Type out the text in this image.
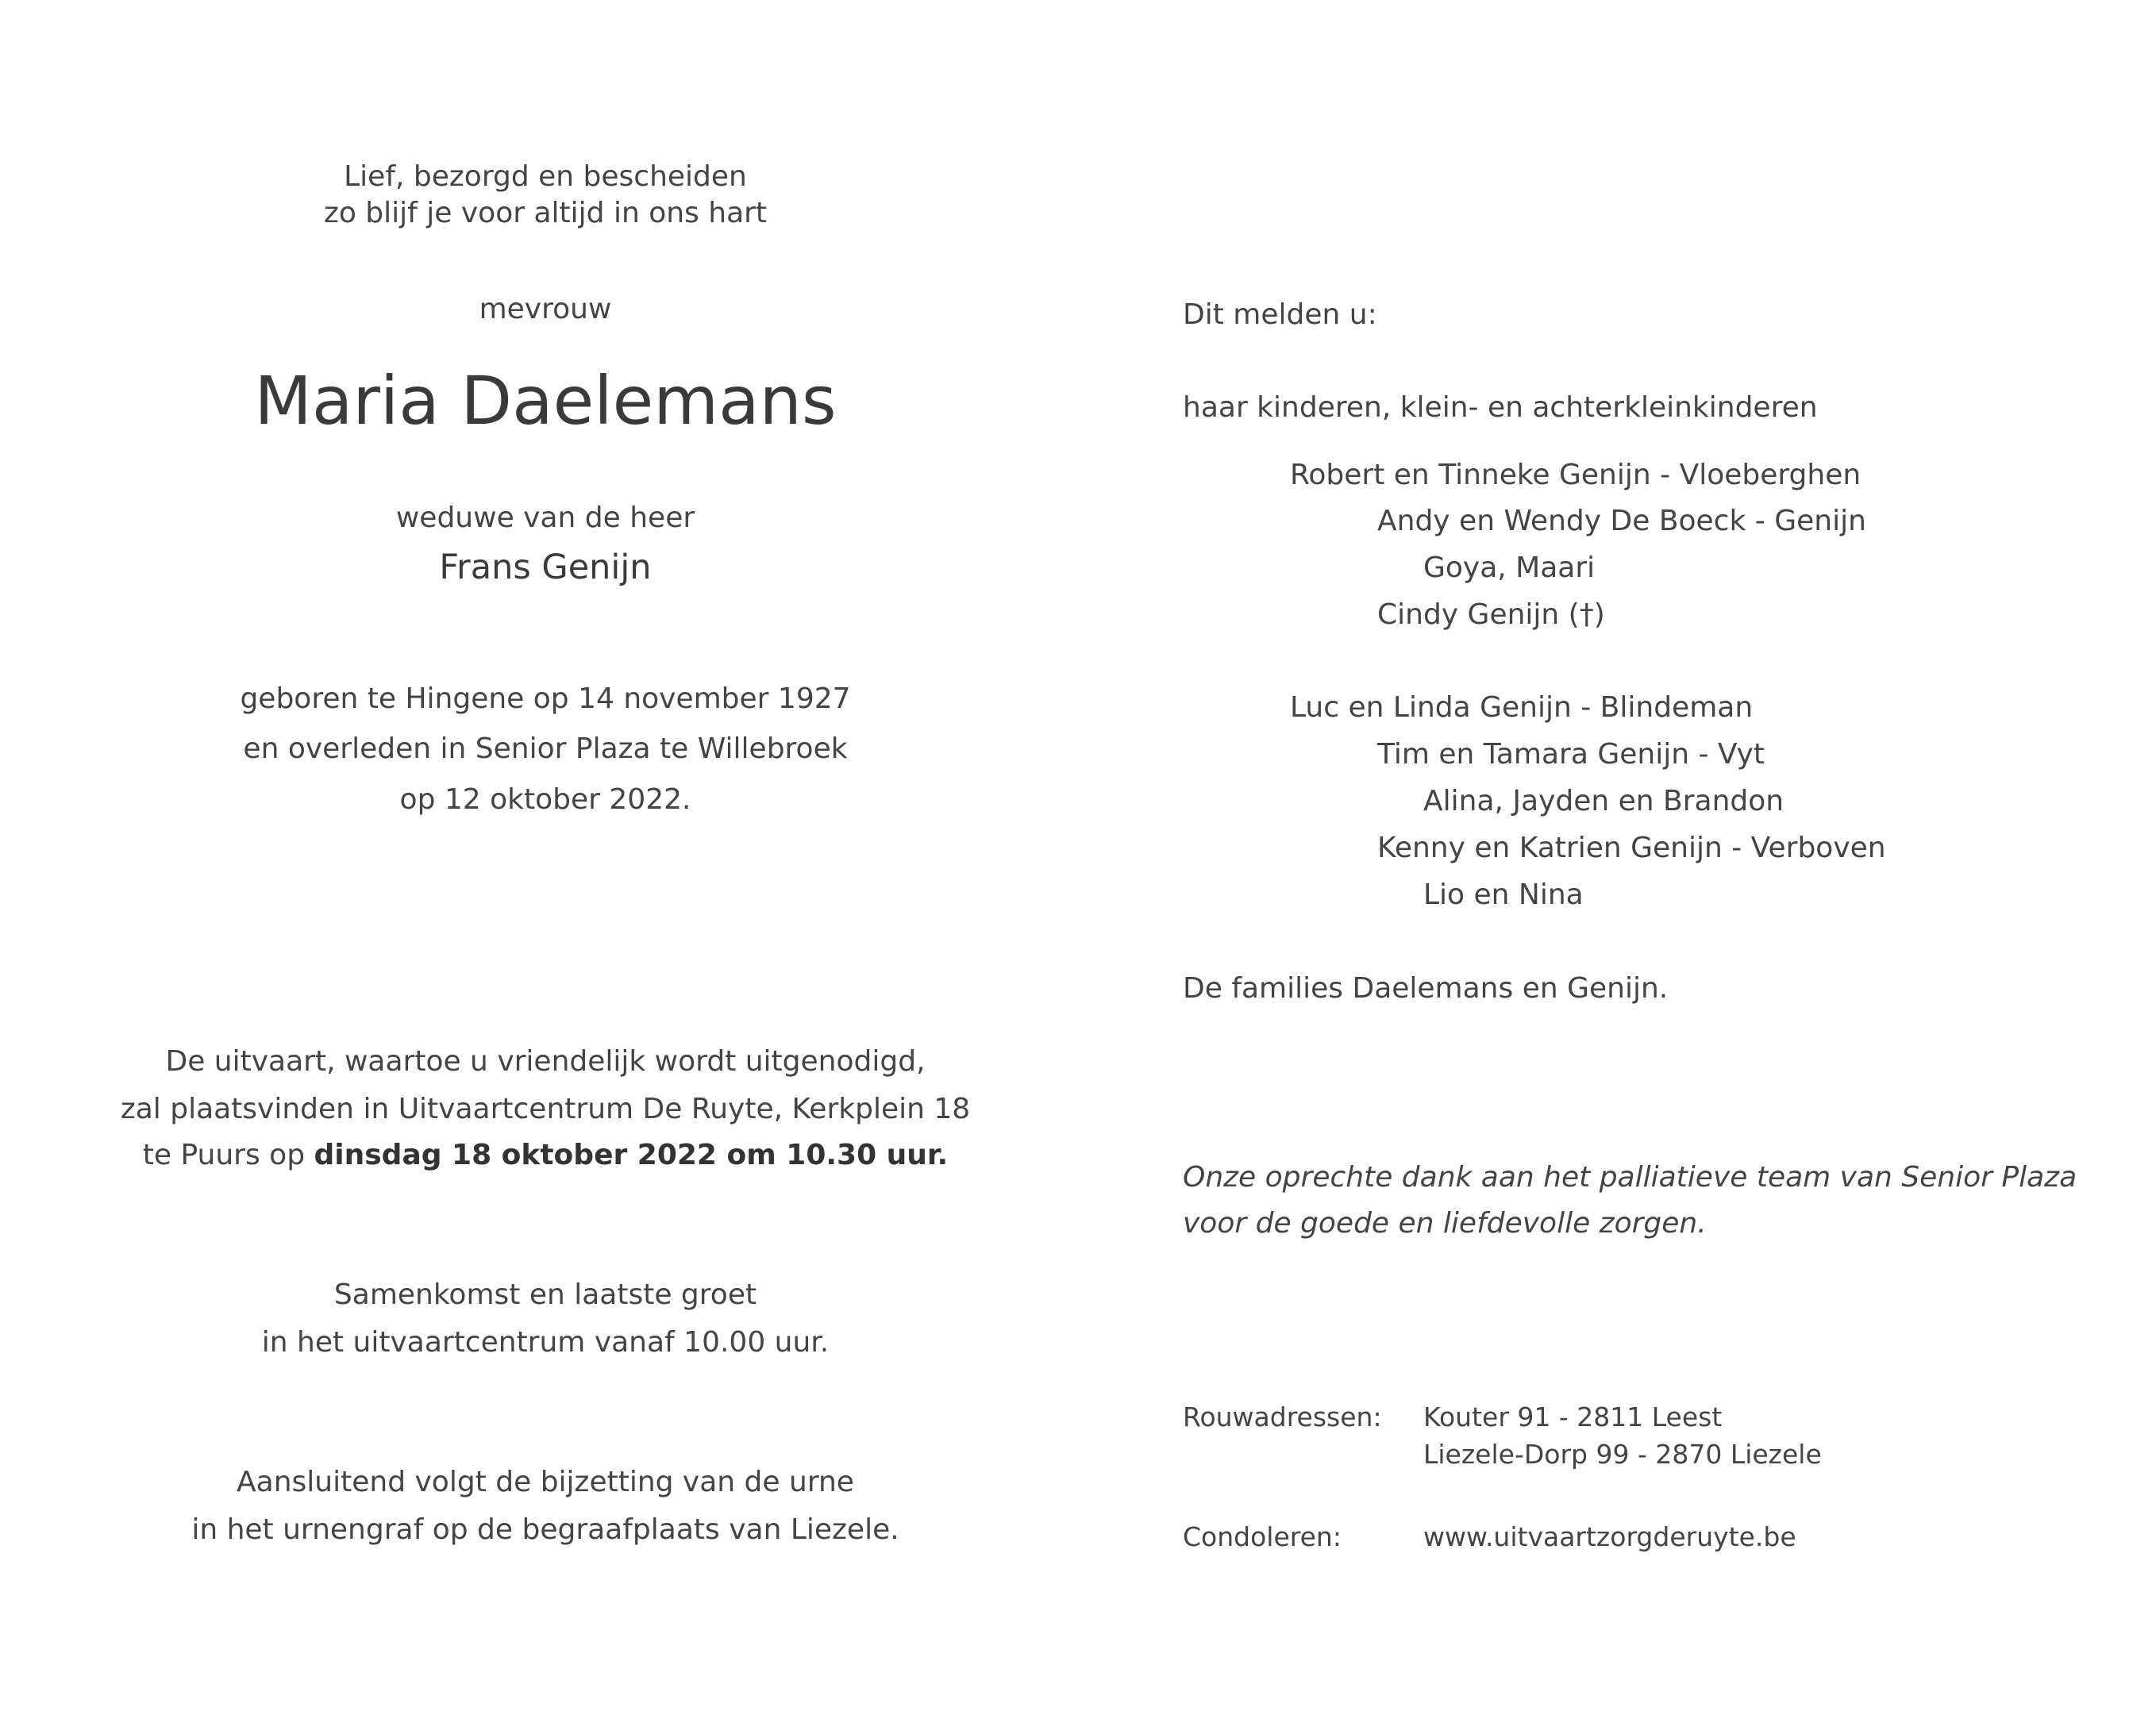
Lief, bezorgd en bescheiden
zo blijf je voor altijd in ons hart
mevrouw
Maria Daelemans
weduwe van de heer
Frans Genijn
geboren te Hingene op 14 november 1927
en overleden in Senior Plaza te Willebroek
op 12 oktober 2022.
De uitvaart, waartoe u vriendelijk wordt uitgenodigd,
zal plaatsvinden in Uitvaartcentrum De Ruyte, Kerkplein 18
te Puurs op dinsdag 18 oktober 2022 om 10.30 uur.
Samenkomst en laatste groet
in het uitvaartcentrum vanaf 10.00 uur.
Aansluitend volgt de bijzetting van de urne
in het urnengraf op de begraafplaats van Liezele.
Dit melden u:
haar kinderen, klein- en achterkleinkinderen
Robert en Tinneke Genijn - Vloeberghen
Andy en Wendy De Boeck - Genijn
Goya, Maari
Cindy Genijn (†)
Luc en Linda Genijn - Blindeman
Tim en Tamara Genijn - Vyt
Alina, Jayden en Brandon
Kenny en Katrien Genijn - Verboven
Lio en Nina
De families Daelemans en Genijn.
Onze oprechte dank aan het palliatieve team van Senior Plaza
voor de goede en liefdevolle zorgen.
Rouwadressen: Kouter 91 - 2811 Leest
Liezele-Dorp 99 - 2870 Liezele
Condoleren:	www.uitvaartzorgderuyte.be
